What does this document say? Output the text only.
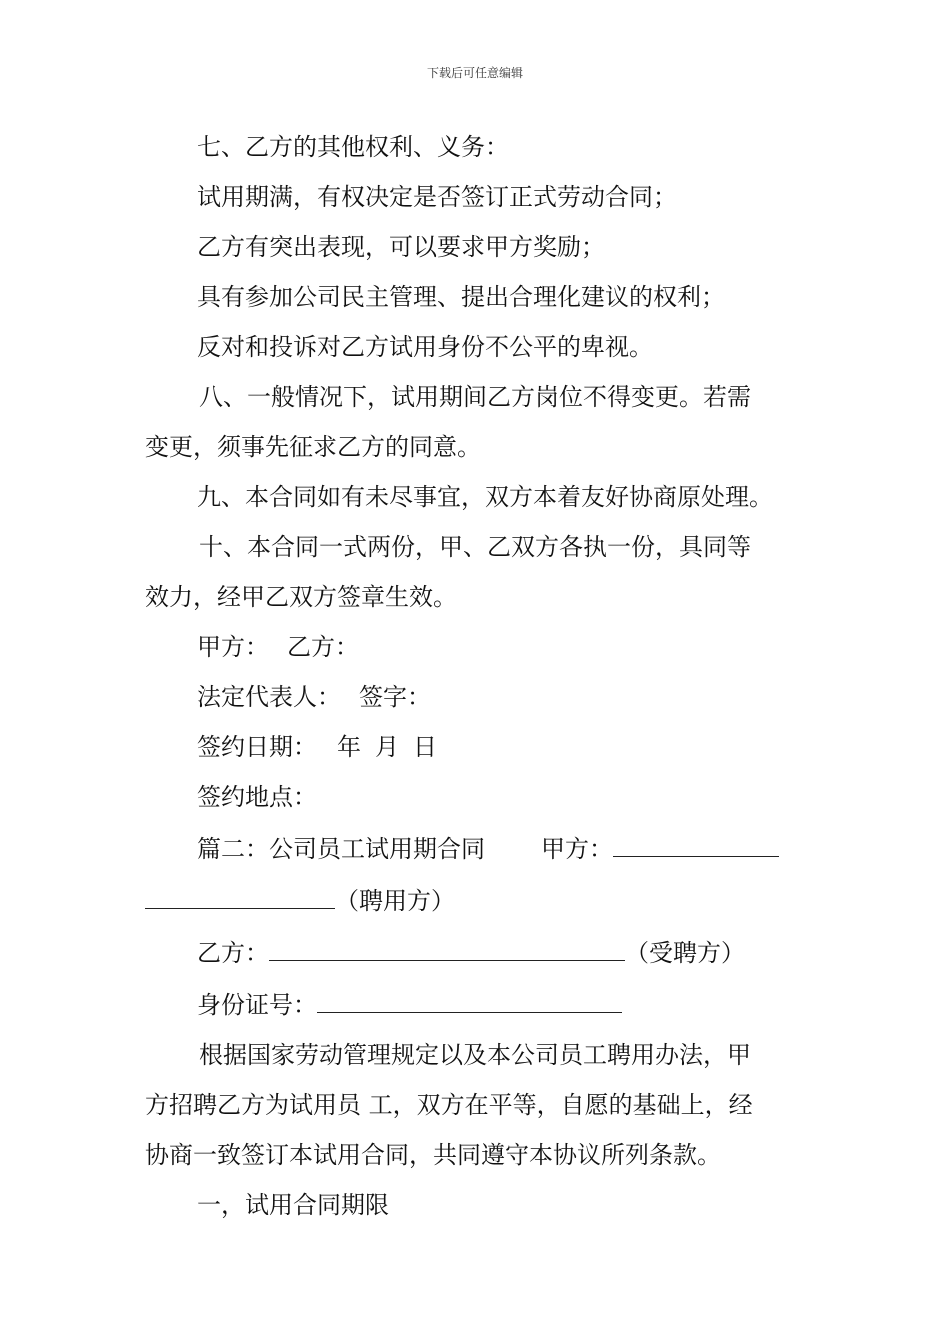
下载后可任意编辑

七、乙方的其他权利、义务：

试用期满，有权决定是否签订正式劳动合同；

乙方有突出表现，可以要求甲方奖励；

具有参加公司民主管理、提出合理化建议的权利；

反对和投诉对乙方试用身份不公平的卑视。

八、一般情况下，试用期间乙方岗位不得变更。若需

变更，须事先征求乙方的同意。

九、本合同如有未尽事宜，双方本着友好协商原处理。

十、本合同一式两份，甲、乙双方各执一份，具同等

效力，经甲乙双方签章生效。

甲方： 乙方：

法定代表人： 签字：

签约日期： 年 月 日

签约地点：

篇二：公司员工试用期合同 甲方：

（聘用方）

乙方：	（受聘方）

身份证号：

根据国家劳动管理规定以及本公司员工聘用办法，甲

方招聘乙方为试用员 工，双方在平等，自愿的基础上，经

协商一致签订本试用合同，共同遵守本协议所列条款。

一，试用合同期限
